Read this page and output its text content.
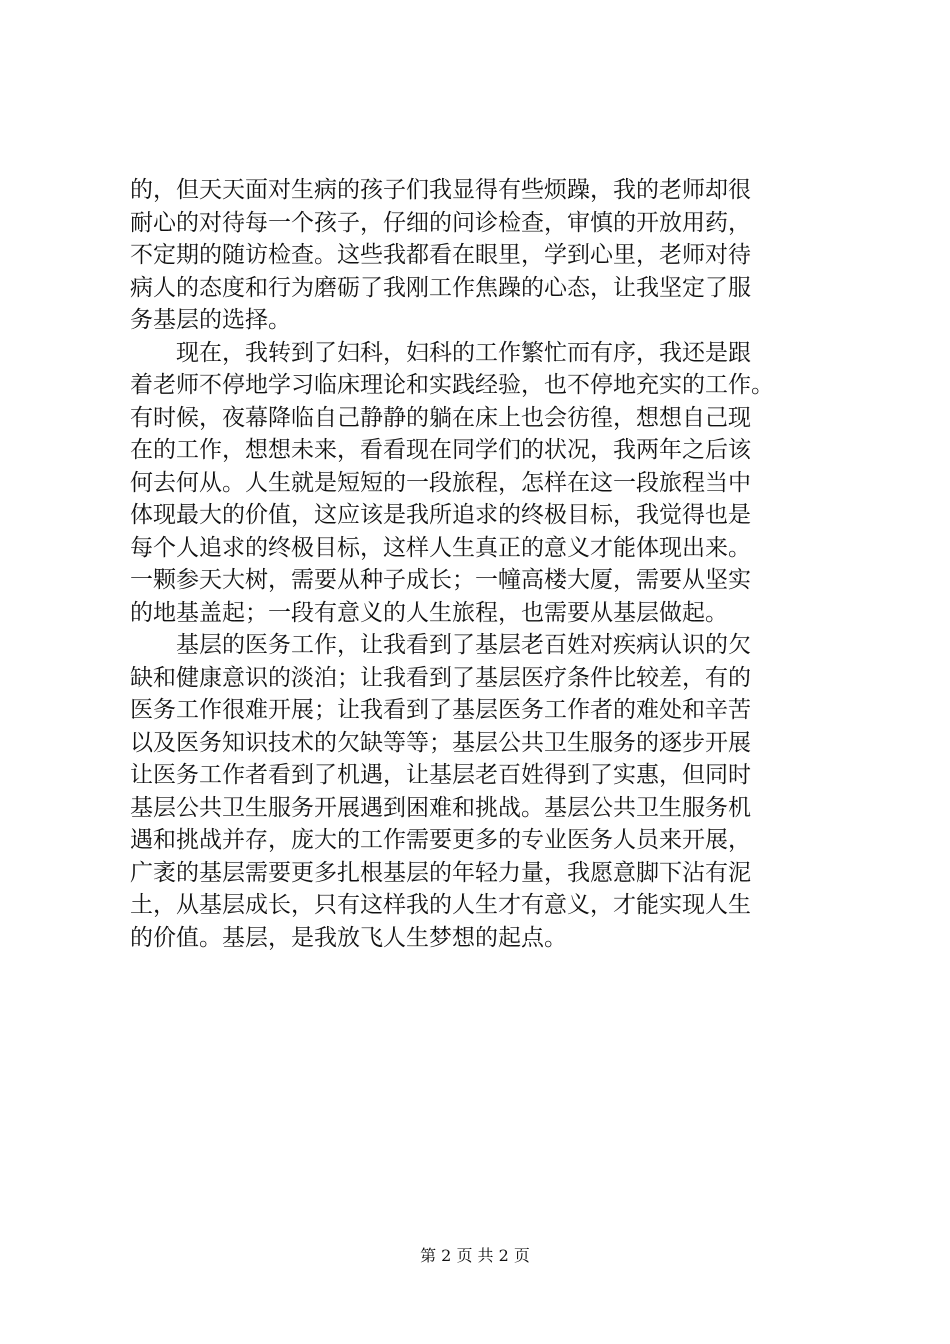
的，但天天面对生病的孩子们我显得有些烦躁，我的老师却很
耐心的对待每一个孩子，仔细的问诊检查，审慎的开放用药，
不定期的随访检查。这些我都看在眼里，学到心里，老师对待
病人的态度和行为磨砺了我刚工作焦躁的心态，让我坚定了服
务基层的选择。
　　现在，我转到了妇科，妇科的工作繁忙而有序，我还是跟
着老师不停地学习临床理论和实践经验，也不停地充实的工作。
有时候，夜幕降临自己静静的躺在床上也会彷徨，想想自己现
在的工作，想想未来，看看现在同学们的状况，我两年之后该
何去何从。人生就是短短的一段旅程，怎样在这一段旅程当中
体现最大的价值，这应该是我所追求的终极目标，我觉得也是
每个人追求的终极目标，这样人生真正的意义才能体现出来。
一颗参天大树，需要从种子成长；一幢高楼大厦，需要从坚实
的地基盖起；一段有意义的人生旅程，也需要从基层做起。
　　基层的医务工作，让我看到了基层老百姓对疾病认识的欠
缺和健康意识的淡泊；让我看到了基层医疗条件比较差，有的
医务工作很难开展；让我看到了基层医务工作者的难处和辛苦
以及医务知识技术的欠缺等等；基层公共卫生服务的逐步开展
让医务工作者看到了机遇，让基层老百姓得到了实惠，但同时
基层公共卫生服务开展遇到困难和挑战。基层公共卫生服务机
遇和挑战并存，庞大的工作需要更多的专业医务人员来开展，
广袤的基层需要更多扎根基层的年轻力量，我愿意脚下沾有泥
土，从基层成长，只有这样我的人生才有意义，才能实现人生
的价值。基层，是我放飞人生梦想的起点。
第 2 页 共 2 页
